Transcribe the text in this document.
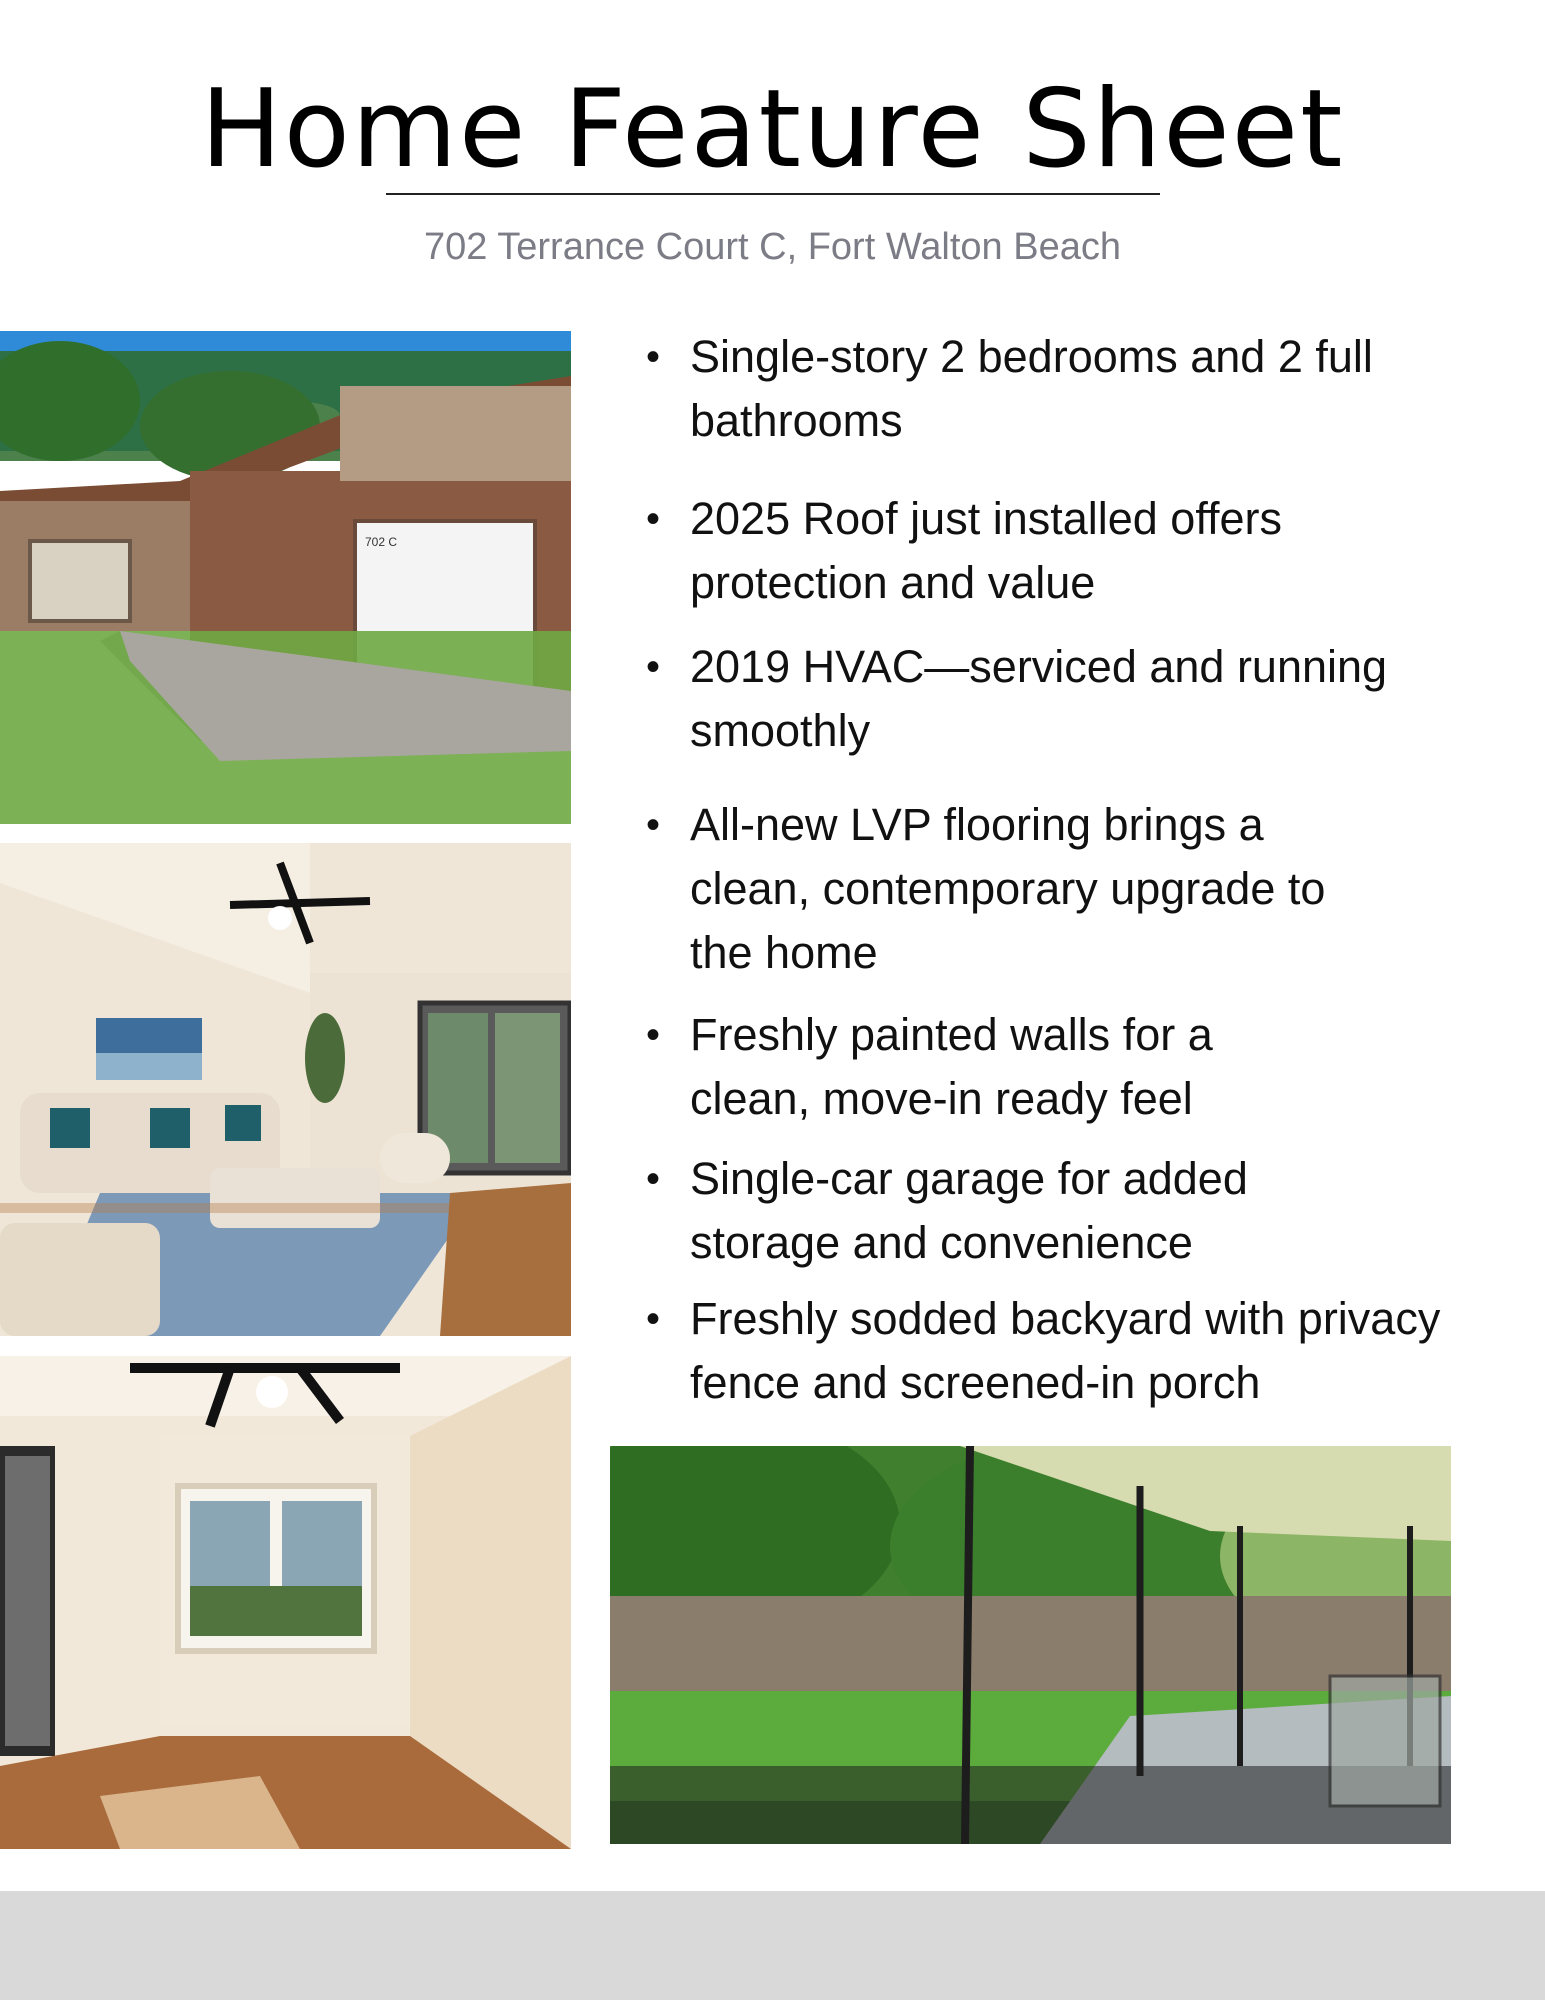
Home Feature Sheet
702 Terrance Court C, Fort Walton Beach
702 C
• Single-story 2 bedrooms and 2 full bathrooms
• 2025 Roof just installed offers protection and value
• 2019 HVAC—serviced and running smoothly
• All-new LVP flooring brings a clean, contemporary upgrade to the home
• Freshly painted walls for a clean, move-in ready feel
• Single-car garage for added storage and convenience
• Freshly sodded backyard with privacy fence and screened-in porch
